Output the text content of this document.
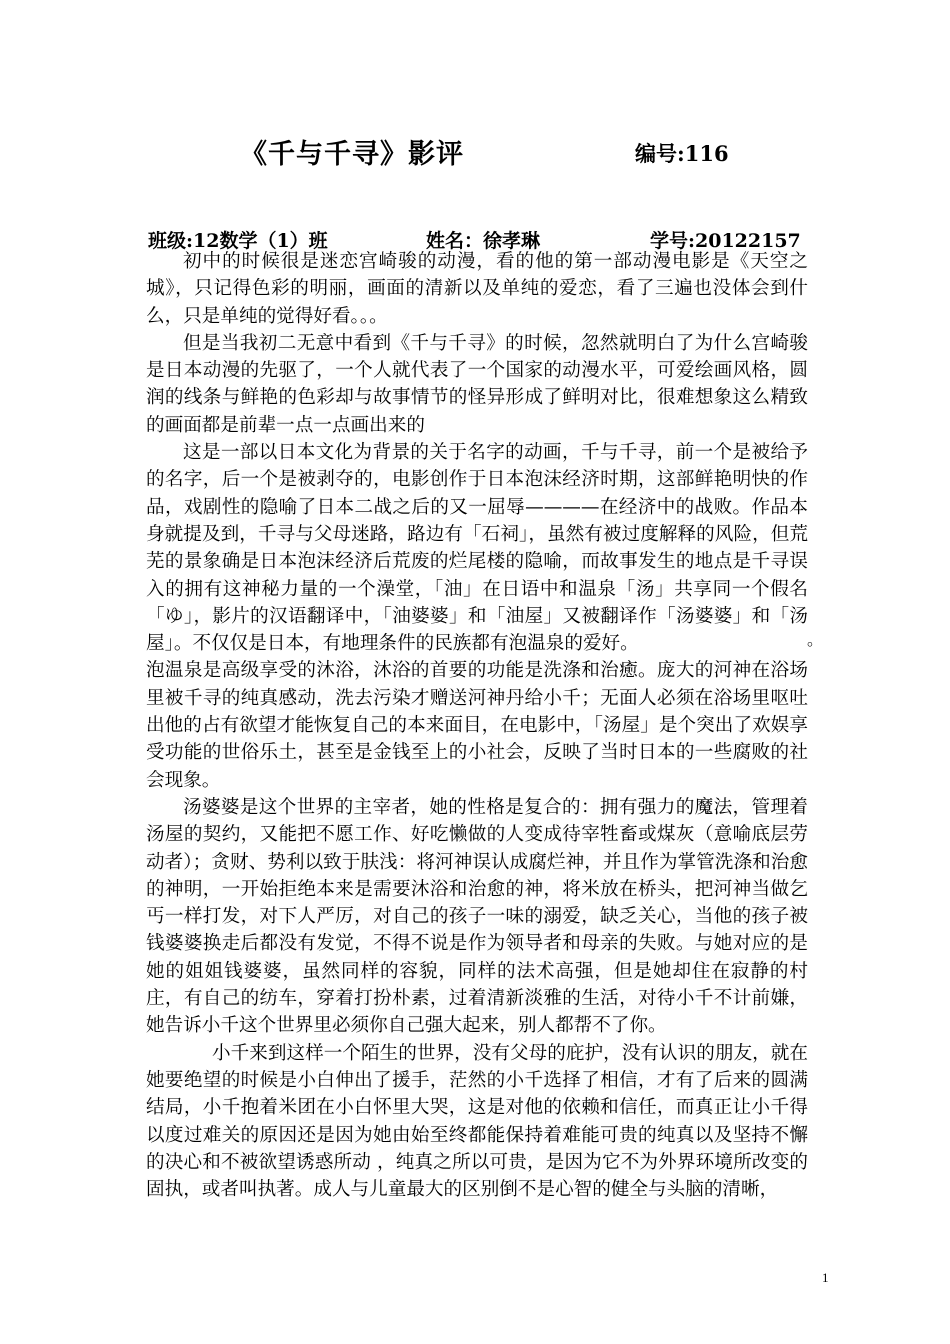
《千与千寻》影评	编号:116
班级:12数学（1）班	姓名：徐孝琳	学号:20122157

初中的时候很是迷恋宫崎骏的动漫，看的他的第一部动漫电影是《天空之城》，只记得色彩的明丽，画面的清新以及单纯的爱恋，看了三遍也没体会到什么，只是单纯的觉得好看。。。

但是当我初二无意中看到《千与千寻》的时候，忽然就明白了为什么宫崎骏是日本动漫的先驱了，一个人就代表了一个国家的动漫水平，可爱绘画风格，圆润的线条与鲜艳的色彩却与故事情节的怪异形成了鲜明对比，很难想象这么精致的画面都是前辈一点一点画出来的

这是一部以日本文化为背景的关于名字的动画，千与千寻，前一个是被给予的名字，后一个是被剥夺的，电影创作于日本泡沫经济时期，这部鲜艳明快的作品，戏剧性的隐喻了日本二战之后的又一屈辱————在经济中的战败。作品本身就提及到，千寻与父母迷路，路边有「石祠」，虽然有被过度解释的风险，但荒芜的景象确是日本泡沫经济后荒废的烂尾楼的隐喻，而故事发生的地点是千寻误入的拥有这神秘力量的一个澡堂，「油」在日语中和温泉「汤」共享同一个假名「ゆ」，影片的汉语翻译中，「油婆婆」和「油屋」又被翻译作「汤婆婆」和「汤屋」。不仅仅是日本，有地理条件的民族都有泡温泉的爱好。

泡温泉是高级享受的沐浴，沐浴的首要的功能是洗涤和治癒。庞大的河神在浴场里被千寻的纯真感动，洗去污染才赠送河神丹给小千；无面人必须在浴场里呕吐出他的占有欲望才能恢复自己的本来面目，在电影中，「汤屋」是个突出了欢娱享受功能的世俗乐土，甚至是金钱至上的小社会，反映了当时日本的一些腐败的社会现象。

汤婆婆是这个世界的主宰者，她的性格是复合的：拥有强力的魔法，管理着汤屋的契约，又能把不愿工作、好吃懒做的人变成待宰牲畜或煤灰（意喻底层劳动者）；贪财、势利以致于肤浅：将河神误认成腐烂神，并且作为掌管洗涤和治愈的神明，一开始拒绝本来是需要沐浴和治愈的神，将米放在桥头，把河神当做乞丐一样打发，对下人严厉，对自己的孩子一味的溺爱，缺乏关心，当他的孩子被钱婆婆换走后都没有发觉，不得不说是作为领导者和母亲的失败。与她对应的是她的姐姐钱婆婆，虽然同样的容貌，同样的法术高强，但是她却住在寂静的村庄，有自己的纺车，穿着打扮朴素，过着清新淡雅的生活，对待小千不计前嫌，她告诉小千这个世界里必须你自己强大起来，别人都帮不了你。

小千来到这样一个陌生的世界，没有父母的庇护，没有认识的朋友，就在她要绝望的时候是小白伸出了援手，茫然的小千选择了相信，才有了后来的圆满结局，小千抱着米团在小白怀里大哭，这是对他的依赖和信任，而真正让小千得以度过难关的原因还是因为她由始至终都能保持着难能可贵的纯真以及坚持不懈的决心和不被欲望诱惑所动 ，纯真之所以可贵，是因为它不为外界环境所改变的固执，或者叫执著。成人与儿童最大的区别倒不是心智的健全与头脑的清晰，

。
1
